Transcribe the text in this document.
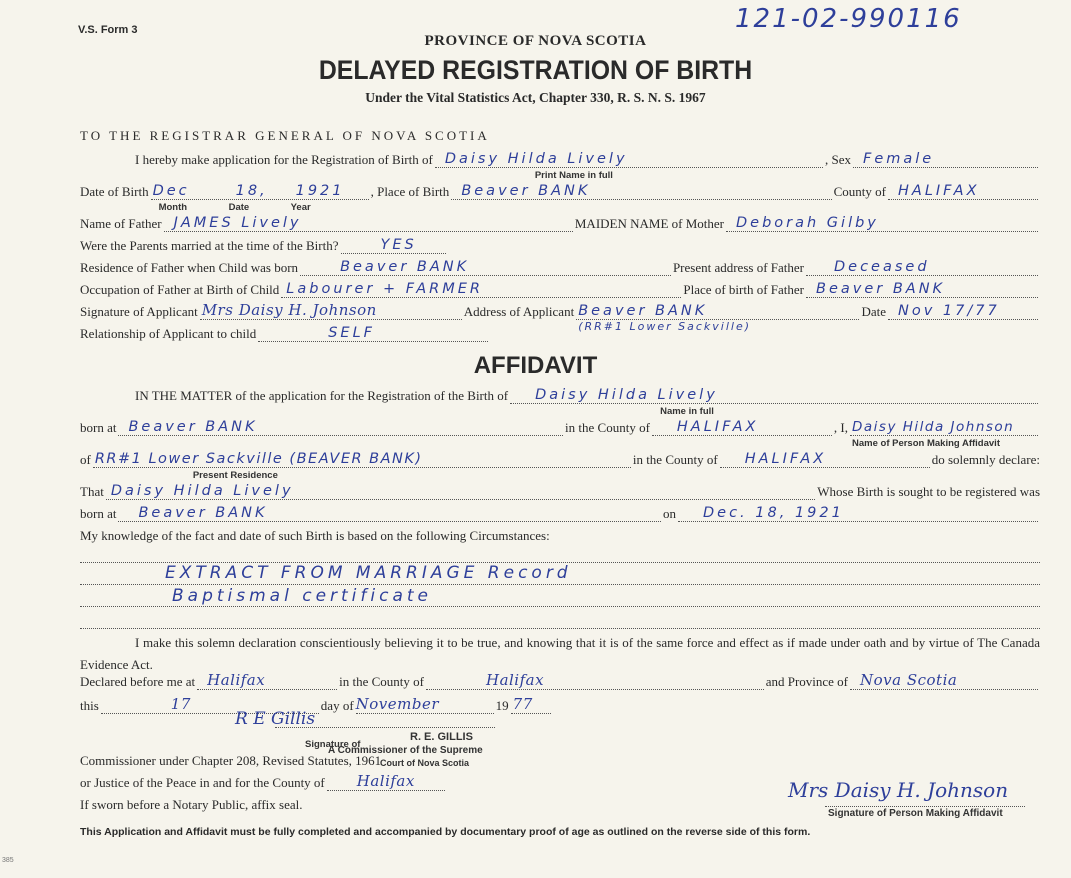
V.S. Form 3	121-02-990116
PROVINCE OF NOVA SCOTIA
DELAYED REGISTRATION OF BIRTH
Under the Vital Statistics Act, Chapter 330, R. S. N. S. 1967
TO THE REGISTRAR GENERAL OF NOVA SCOTIA
I hereby make application for the Registration of Birth of Daisy Hilda Lively
Print Name in full
, Sex Female
Date of Birth Dec	18, 1921
Month	Date	Year
, Place of Birth Beaver BANK	County of HALIFAX
Name of Father JAMES Lively	MAIDEN NAME of Mother Deborah Gilby
Were the Parents married at the time of the Birth?	YES
Residence of Father when Child was born	Beaver BANK	Present address of Father Deceased
Occupation of Father at Birth of Child Labourer + FARMER	Place of birth of Father Beaver BANK
Signature of Applicant Mrs Daisy H. Johnson	Address of Applicant Beaver BANK
(RR#1 Lower Sackville)
Date Nov 17/77
Relationship of Applicant to child	SELF
AFFIDAVIT
IN THE MATTER of the application for the Registration of the Birth of Daisy Hilda Lively
Name in full
born at Beaver BANK	in the County of HALIFAX	, I, Daisy Hilda Johnson
Name of Person Making Affidavit
of RR#1 Lower Sackville (BEAVER BANK)
Present Residence
in the County of HALIFAX	do solemnly declare:
That Daisy Hilda Lively	Whose Birth is sought to be registered was
born at Beaver BANK	on Dec. 18, 1921
My knowledge of the fact and date of such Birth is based on the following Circumstances:
EXTRACT FROM MARRIAGE Record
Baptismal certificate
I make this solemn declaration conscientiously believing it to be true, and knowing that it is of the same force and effect as if made under oath and by virtue of The Canada Evidence Act.
Declared before me at Halifax	in the County of	Halifax	and Province of Nova Scotia
this	17	day of November	19 77
R E Gillis
R. E. GILLIS
Signature of
A Commissioner of the Supreme
Court of Nova Scotia
Commissioner under Chapter 208, Revised Statutes, 1961
or Justice of the Peace in and for the County of Halifax
If sworn before a Notary Public, affix seal.
Mrs Daisy H. Johnson
Signature of Person Making Affidavit
This Application and Affidavit must be fully completed and accompanied by documentary proof of age as outlined on the reverse side of this form.
385
